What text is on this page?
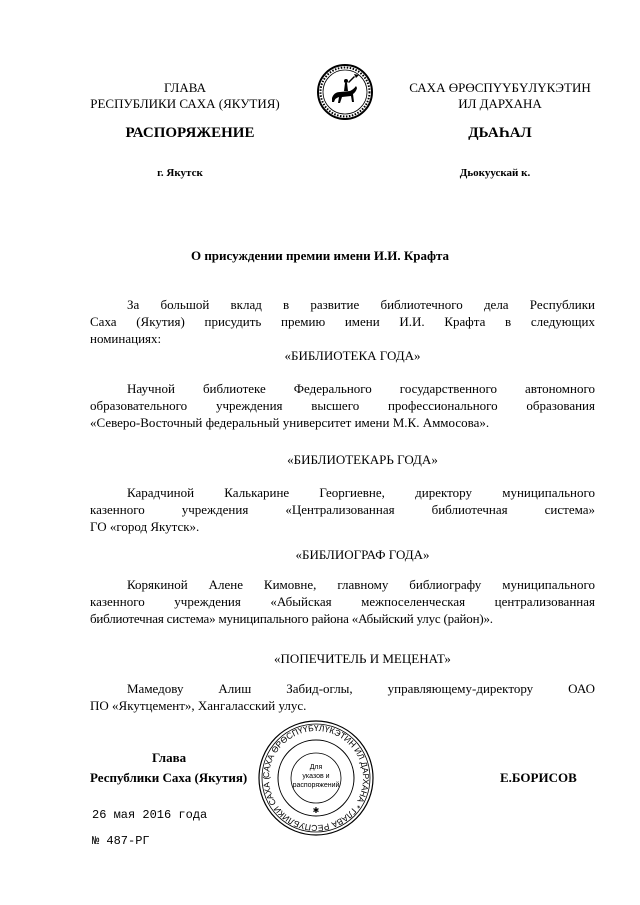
ГЛАВА
РЕСПУБЛИКИ САХА (ЯКУТИЯ)
САХА ӨРӨСПҮҮБҮЛҮКЭТИН
ИЛ ДАРХАНА
РАСПОРЯЖЕНИЕ	ДЬАҺАЛ
г. Якутск	Дьокуускай к.
О присуждении премии имени И.И. Крафта
За большой вклад в развитие библиотечного дела Республики
Саха (Якутия) присудить премию имени И.И. Крафта в следующих
номинациях:
«БИБЛИОТЕКА ГОДА»
Научной библиотеке Федерального государственного автономного
образовательного учреждения высшего профессионального образования
«Северо-Восточный федеральный университет имени М.К. Аммосова».
«БИБЛИОТЕКАРЬ ГОДА»
Карадчиной Калькарине Георгиевне, директору муниципального
казенного учреждения «Централизованная библиотечная система»
ГО «город Якутск».
«БИБЛИОГРАФ ГОДА»
Корякиной Алене Кимовне, главному библиографу муниципального
казенного учреждения «Абыйская межпоселенческая централизованная
библиотечная система» муниципального района «Абыйский улус (район)».
«ПОПЕЧИТЕЛЬ И МЕЦЕНАТ»
Мамедову Алиш Забид-оглы, управляющему-директору ОАО
ПО «Якутцемент», Хангаласский улус.
Глава
Республики Саха (Якутия)	Е.БОРИСОВ
САХА ӨРӨСПҮҮБҮЛҮКЭТИН ИЛ ДАРХАНА * ГЛАВА РЕСПУБЛИКИ САХА (
Для
указов и
распоряжений
✱
26 мая 2016 года
№ 487-РГ
